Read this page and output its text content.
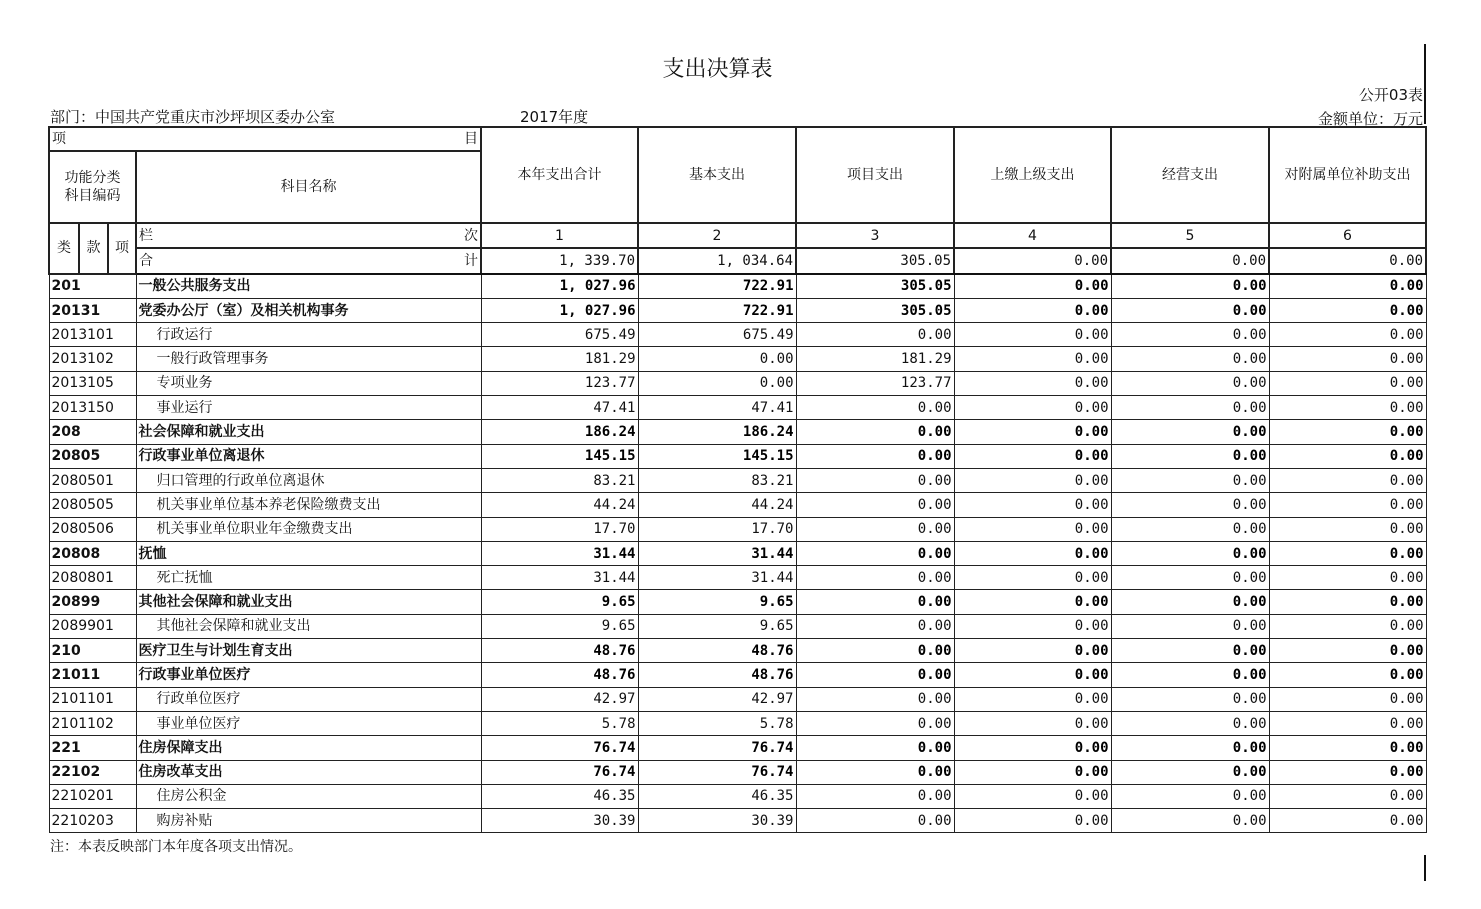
支出决算表
公开03表
部门：中国共产党重庆市沙坪坝区委办公室	2017年度	金额单位：万元
项 目				本年支出合计	基本支出	项目支出	上缴上级支出	经营支出	对附属单位补助支出
功能分类科目编码			科目名称						

类	款	项	栏 次	1	2	3	4	5	6

			合 计	1, 339.70	1, 034.64	305.05	0.00	0.00	0.00
201			一般公共服务支出	1, 027.96	722.91	305.05	0.00	0.00	0.00
20131			党委办公厅（室）及相关机构事务	1, 027.96	722.91	305.05	0.00	0.00	0.00
2013101			行政运行	675.49	675.49	0.00	0.00	0.00	0.00
2013102			一般行政管理事务	181.29	0.00	181.29	0.00	0.00	0.00
2013105			专项业务	123.77	0.00	123.77	0.00	0.00	0.00
2013150			事业运行	47.41	47.41	0.00	0.00	0.00	0.00
208			社会保障和就业支出	186.24	186.24	0.00	0.00	0.00	0.00
20805			行政事业单位离退休	145.15	145.15	0.00	0.00	0.00	0.00
2080501			归口管理的行政单位离退休	83.21	83.21	0.00	0.00	0.00	0.00
2080505			机关事业单位基本养老保险缴费支出	44.24	44.24	0.00	0.00	0.00	0.00
2080506			机关事业单位职业年金缴费支出	17.70	17.70	0.00	0.00	0.00	0.00
20808			抚恤	31.44	31.44	0.00	0.00	0.00	0.00
2080801			死亡抚恤	31.44	31.44	0.00	0.00	0.00	0.00
20899			其他社会保障和就业支出	9.65	9.65	0.00	0.00	0.00	0.00
2089901			其他社会保障和就业支出	9.65	9.65	0.00	0.00	0.00	0.00
210			医疗卫生与计划生育支出	48.76	48.76	0.00	0.00	0.00	0.00
21011			行政事业单位医疗	48.76	48.76	0.00	0.00	0.00	0.00
2101101			行政单位医疗	42.97	42.97	0.00	0.00	0.00	0.00
2101102			事业单位医疗	5.78	5.78	0.00	0.00	0.00	0.00
221			住房保障支出	76.74	76.74	0.00	0.00	0.00	0.00
22102			住房改革支出	76.74	76.74	0.00	0.00	0.00	0.00
2210201			住房公积金	46.35	46.35	0.00	0.00	0.00	0.00
2210203			购房补贴	30.39	30.39	0.00	0.00	0.00	0.00
注：本表反映部门本年度各项支出情况。
